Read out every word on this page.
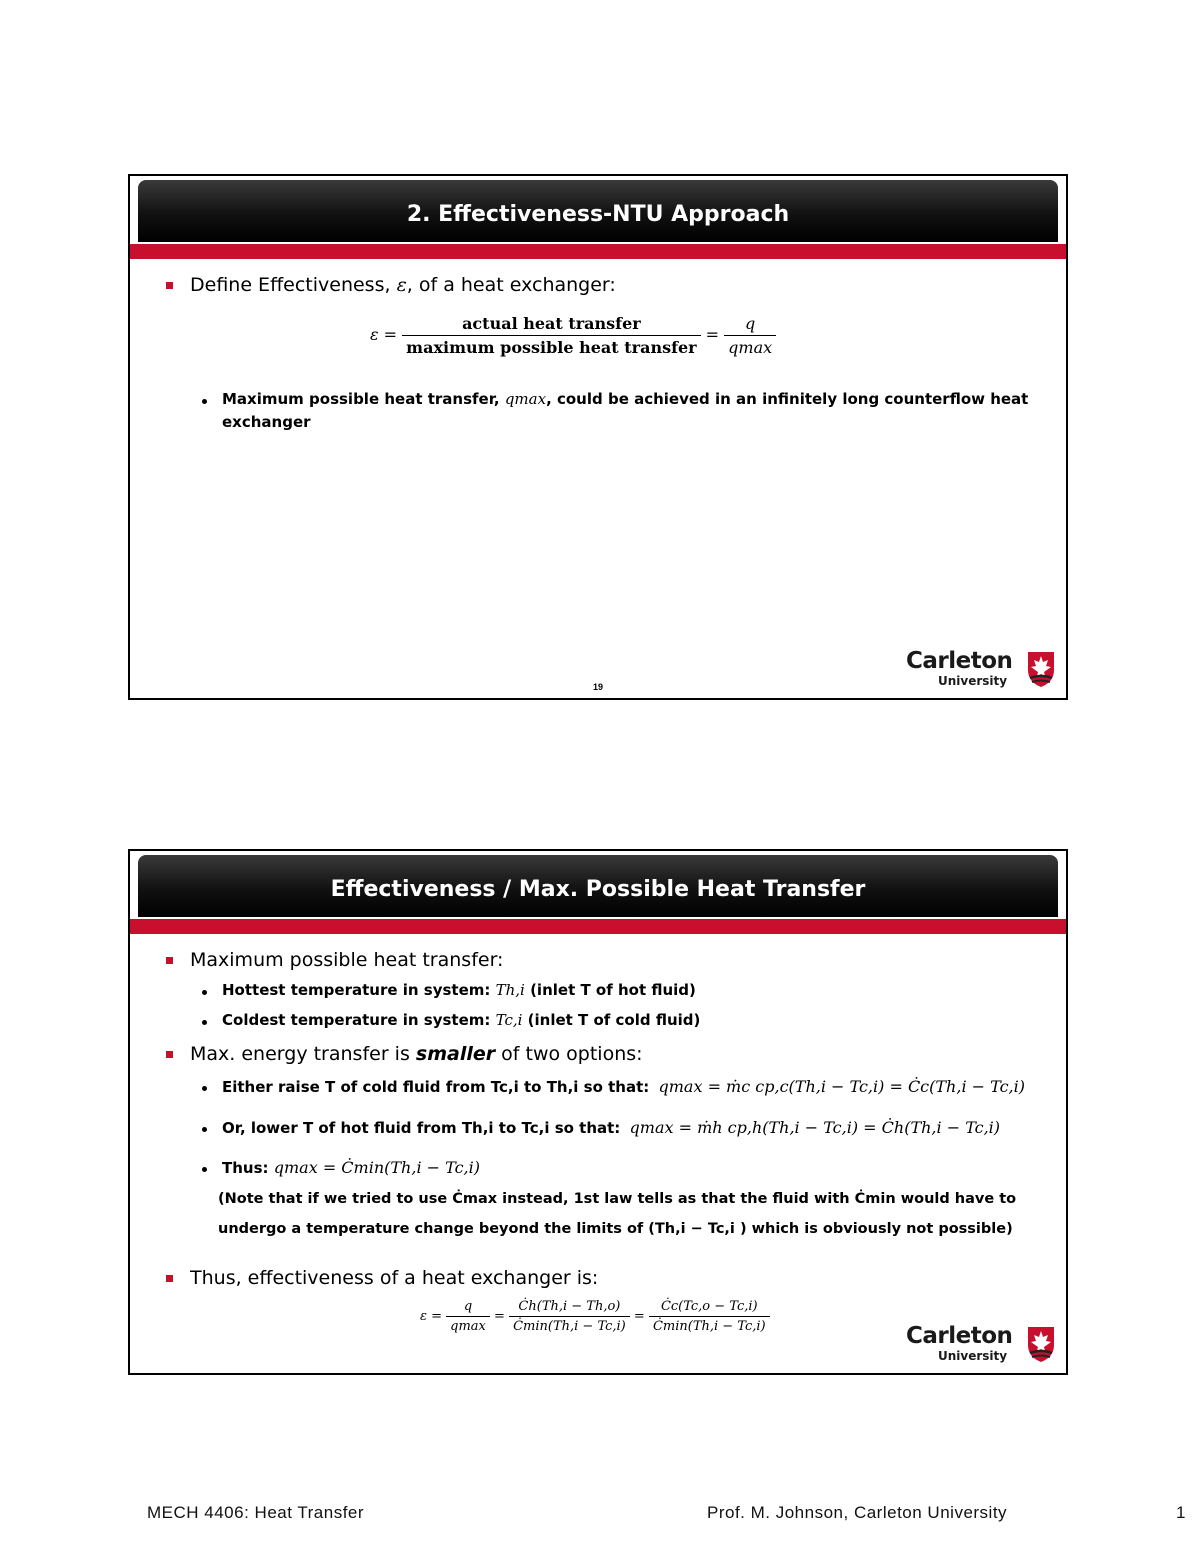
2. Effectiveness-NTU Approach
Define Effectiveness, ε, of a heat exchanger:
$\varepsilon = \frac{\text{actual heat transfer}}{\text{maximum possible heat transfer}} = \frac{q}{qmax}$
Maximum possible heat transfer, qmax, could be achieved in an infinitely long counterflow heat
exchanger
19
Carleton
University
Effectiveness / Max. Possible Heat Transfer
Maximum possible heat transfer:
Hottest temperature in system: Th,i (inlet T of hot fluid)
Coldest temperature in system: Tc,i (inlet T of cold fluid)
Max. energy transfer is smaller of two options:
Either raise T of cold fluid from Tc,i to Th,i so that: qmax = ṁc cp,c(Th,i − Tc,i) = Ċc(Th,i − Tc,i)
Or, lower T of hot fluid from Th,i to Tc,i so that: qmax = ṁh cp,h(Th,i − Tc,i) = Ċh(Th,i − Tc,i)
Thus: qmax = Ċmin(Th,i − Tc,i)
(Note that if we tried to use Ċmax instead, 1st law tells as that the fluid with Ċmin would have to
undergo a temperature change beyond the limits of (Th,i − Tc,i ) which is obviously not possible)
Thus, effectiveness of a heat exchanger is:
$\varepsilon = \frac{q}{qmax} = \frac{Ċh(Th,i - Th,o)}{Ċ\min(Th,i - Tc,i)} = \frac{Ċc(Tc,o - Tc,i)}{Ċ\min(Th,i - Tc,i)}$
Carleton
University
MECH 4406: Heat Transfer	Prof. M. Johnson, Carleton University	1
